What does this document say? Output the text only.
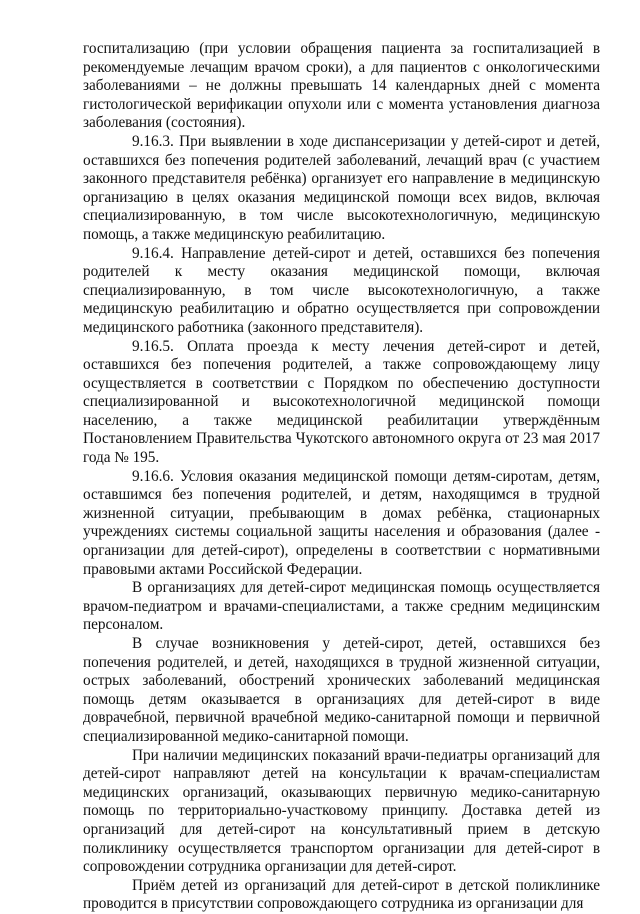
госпитализацию (при условии обращения пациента за госпитализацией в рекомендуемые лечащим врачом сроки), а для пациентов с онкологическими заболеваниями – не должны превышать 14 календарных дней с момента гистологической верификации опухоли или с момента установления диагноза заболевания (состояния).

9.16.3. При выявлении в ходе диспансеризации у детей-сирот и детей, оставшихся без попечения родителей заболеваний, лечащий врач (с участием законного представителя ребёнка) организует его направление в медицинскую организацию в целях оказания медицинской помощи всех видов, включая специализированную, в том числе высокотехнологичную, медицинскую помощь, а также медицинскую реабилитацию.

9.16.4. Направление детей-сирот и детей, оставшихся без попечения родителей к месту оказания медицинской помощи, включая специализированную, в том числе высокотехнологичную, а также медицинскую реабилитацию и обратно осуществляется при сопровождении медицинского работника (законного представителя).

9.16.5. Оплата проезда к месту лечения детей-сирот и детей, оставшихся без попечения родителей, а также сопровождающему лицу осуществляется в соответствии с Порядком по обеспечению доступности специализированной и высокотехнологичной медицинской помощи населению, а также медицинской реабилитации утверждённым Постановлением Правительства Чукотского автономного округа от 23 мая 2017 года № 195.

9.16.6. Условия оказания медицинской помощи детям-сиротам, детям, оставшимся без попечения родителей, и детям, находящимся в трудной жизненной ситуации, пребывающим в домах ребёнка, стационарных учреждениях системы социальной защиты населения и образования (далее - организации для детей-сирот), определены в соответствии с нормативными правовыми актами Российской Федерации.

В организациях для детей-сирот медицинская помощь осуществляется врачом-педиатром и врачами-специалистами, а также средним медицинским персоналом.

В случае возникновения у детей-сирот, детей, оставшихся без попечения родителей, и детей, находящихся в трудной жизненной ситуации, острых заболеваний, обострений хронических заболеваний медицинская помощь детям оказывается в организациях для детей-сирот в виде доврачебной, первичной врачебной медико-санитарной помощи и первичной специализированной медико-санитарной помощи.

При наличии медицинских показаний врачи-педиатры организаций для детей-сирот направляют детей на консультации к врачам-специалистам медицинских организаций, оказывающих первичную медико-санитарную помощь по территориально-участковому принципу. Доставка детей из организаций для детей-сирот на консультативный прием в детскую поликлинику осуществляется транспортом организации для детей-сирот в сопровождении сотрудника организации для детей-сирот.

Приём детей из организаций для детей-сирот в детской поликлинике проводится в присутствии сопровождающего сотрудника из организации для
